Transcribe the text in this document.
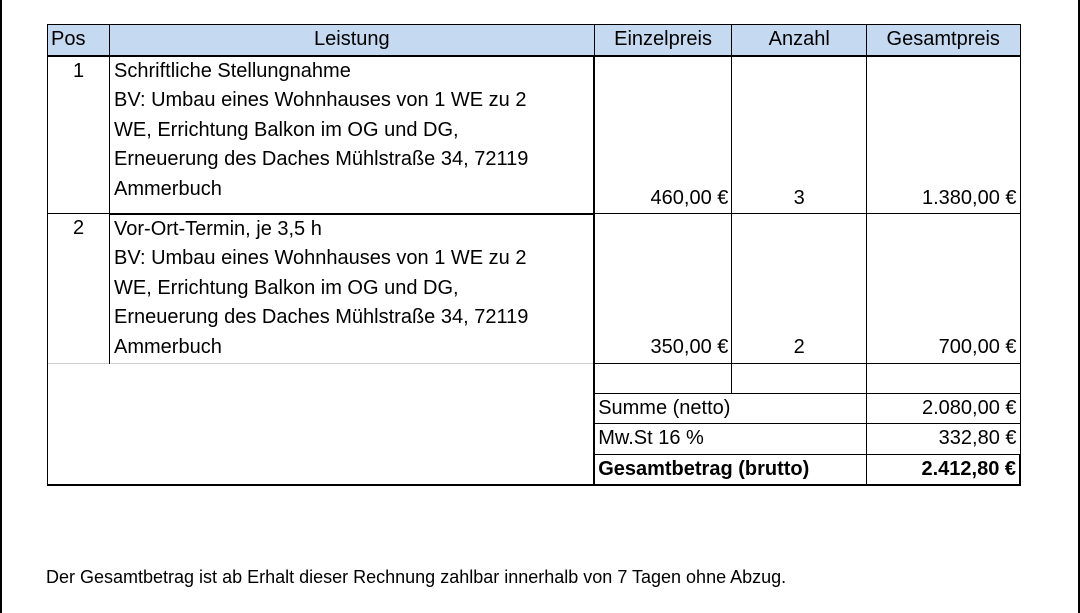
Pos	Leistung	Einzelpreis	Anzahl	Gesamtpreis
1	Schriftliche Stellungnahme
BV: Umbau eines Wohnhauses von 1 WE zu 2
WE, Errichtung Balkon im OG und DG,
Erneuerung des Daches Mühlstraße 34, 72119
Ammerbuch	460,00 €	3	1.380,00 €
2	Vor-Ort-Termin, je 3,5 h
BV: Umbau eines Wohnhauses von 1 WE zu 2
WE, Errichtung Balkon im OG und DG,
Erneuerung des Daches Mühlstraße 34, 72119
Ammerbuch	350,00 €	2	700,00 €

		Summe (netto)		2.080,00 €
		Mw.St 16 %		332,80 €
		Gesamtbetrag (brutto)		2.412,80 €
Der Gesamtbetrag ist ab Erhalt dieser Rechnung zahlbar innerhalb von 7 Tagen ohne Abzug.
